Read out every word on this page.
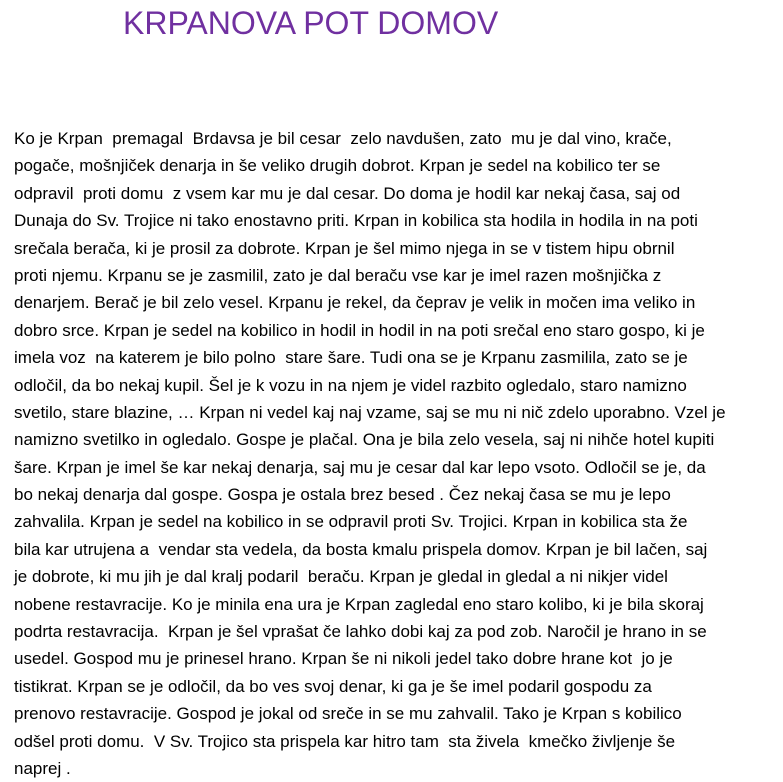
KRPANOVA POT DOMOV
Ko je Krpan  premagal  Brdavsa je bil cesar  zelo navdušen, zato  mu je dal vino, krače,
pogače, mošnjiček denarja in še veliko drugih dobrot. Krpan je sedel na kobilico ter se
odpravil  proti domu  z vsem kar mu je dal cesar. Do doma je hodil kar nekaj časa, saj od
Dunaja do Sv. Trojice ni tako enostavno priti. Krpan in kobilica sta hodila in hodila in na poti
srečala berača, ki je prosil za dobrote. Krpan je šel mimo njega in se v tistem hipu obrnil
proti njemu. Krpanu se je zasmilil, zato je dal beraču vse kar je imel razen mošnjička z
denarjem. Berač je bil zelo vesel. Krpanu je rekel, da čeprav je velik in močen ima veliko in
dobro srce. Krpan je sedel na kobilico in hodil in hodil in na poti srečal eno staro gospo, ki je
imela voz  na katerem je bilo polno  stare šare. Tudi ona se je Krpanu zasmilila, zato se je
odločil, da bo nekaj kupil. Šel je k vozu in na njem je videl razbito ogledalo, staro namizno
svetilo, stare blazine, … Krpan ni vedel kaj naj vzame, saj se mu ni nič zdelo uporabno. Vzel je
namizno svetilko in ogledalo. Gospe je plačal. Ona je bila zelo vesela, saj ni nihče hotel kupiti
šare. Krpan je imel še kar nekaj denarja, saj mu je cesar dal kar lepo vsoto. Odločil se je, da
bo nekaj denarja dal gospe. Gospa je ostala brez besed . Čez nekaj časa se mu je lepo
zahvalila. Krpan je sedel na kobilico in se odpravil proti Sv. Trojici. Krpan in kobilica sta že
bila kar utrujena a  vendar sta vedela, da bosta kmalu prispela domov. Krpan je bil lačen, saj
je dobrote, ki mu jih je dal kralj podaril  beraču. Krpan je gledal in gledal a ni nikjer videl
nobene restavracije. Ko je minila ena ura je Krpan zagledal eno staro kolibo, ki je bila skoraj
podrta restavracija.  Krpan je šel vprašat če lahko dobi kaj za pod zob. Naročil je hrano in se
usedel. Gospod mu je prinesel hrano. Krpan še ni nikoli jedel tako dobre hrane kot  jo je
tistikrat. Krpan se je odločil, da bo ves svoj denar, ki ga je še imel podaril gospodu za
prenovo restavracije. Gospod je jokal od sreče in se mu zahvalil. Tako je Krpan s kobilico
odšel proti domu.  V Sv. Trojico sta prispela kar hitro tam  sta živela  kmečko življenje še
naprej .
